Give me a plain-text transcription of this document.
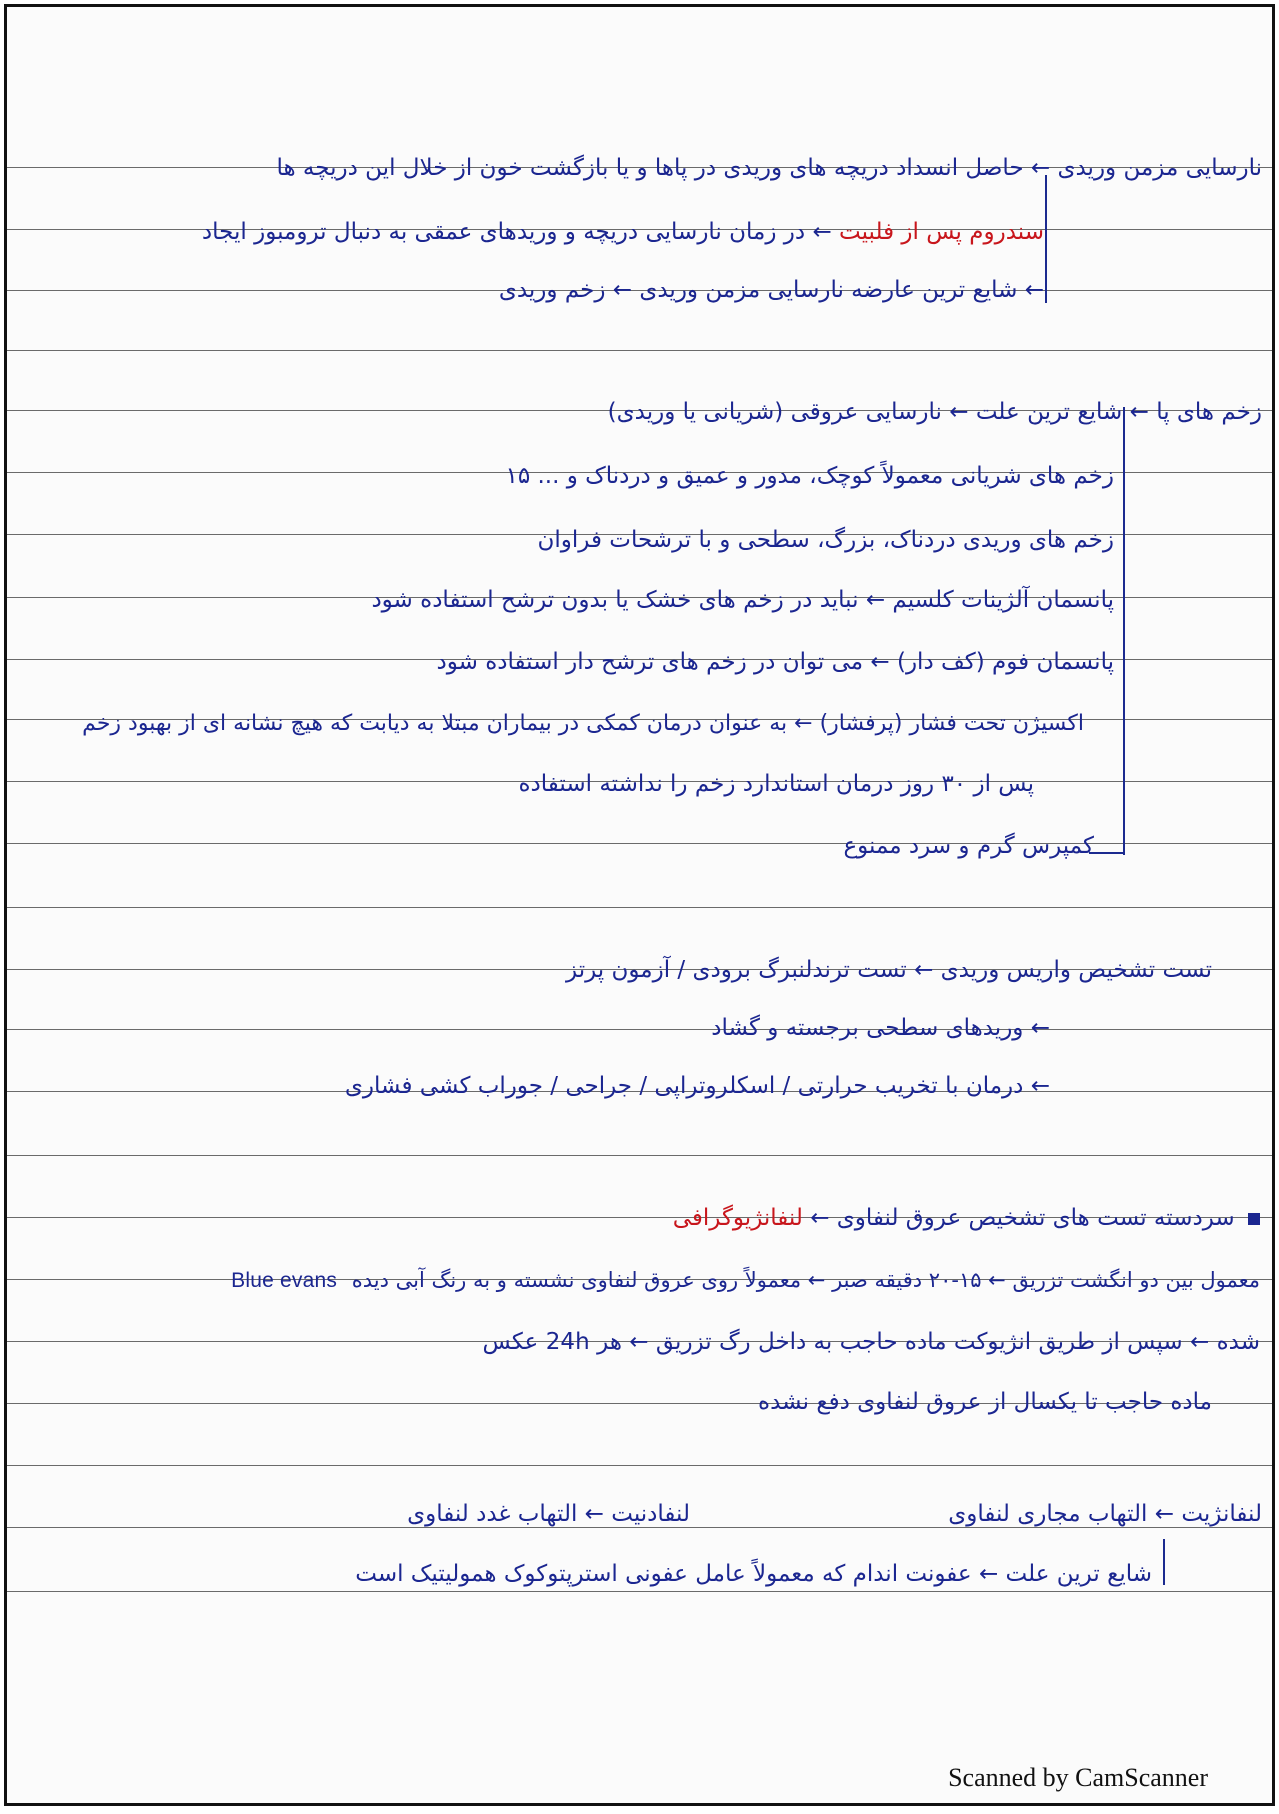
نارسایی مزمن وریدی ← حاصل انسداد دریچه های وریدی در پاها و یا بازگشت خون از خلال این دریچه ها
سندروم پس از فلبیت ← در زمان نارسایی دریچه و وریدهای عمقی به دنبال ترومبوز ایجاد
← شایع ترین عارضه نارسایی مزمن وریدی ← زخم وریدی
زخم های پا ← شایع ترین علت ← نارسایی عروقی (شریانی یا وریدی)
زخم های شریانی معمولاً کوچک، مدور و عمیق و دردناک و ... ۱۵
زخم های وریدی دردناک، بزرگ، سطحی و با ترشحات فراوان
پانسمان آلژینات کلسیم ← نباید در زخم های خشک یا بدون ترشح استفاده شود
پانسمان فوم (کف دار) ← می توان در زخم های ترشح دار استفاده شود
اکسیژن تحت فشار (پرفشار) ← به عنوان درمان کمکی در بیماران مبتلا به دیابت که هیچ نشانه ای از بهبود زخم
پس از ۳۰ روز درمان استاندارد زخم را نداشته استفاده
کمپرس گرم و سرد ممنوع
تست تشخیص واریس وریدی ← تست ترندلنبرگ برودی / آزمون پرتز
← وریدهای سطحی برجسته و گشاد
← درمان با تخریب حرارتی / اسکلروتراپی / جراحی / جوراب کشی فشاری
سردسته تست های تشخیص عروق لنفاوی ← لنفانژیوگرافی
معمول بین دو انگشت تزریق ← ۱۵-۲۰ دقیقه صبر ← معمولاً روی عروق لنفاوی نشسته و به رنگ آبی دیده Blue evans
شده ← سپس از طریق انژیوکت ماده حاجب به داخل رگ تزریق ← هر 24h عکس
ماده حاجب تا یکسال از عروق لنفاوی دفع نشده
لنفادنیت ← التهاب غدد لنفاوی	لنفانژیت ← التهاب مجاری لنفاوی
شایع ترین علت ← عفونت اندام که معمولاً عامل عفونی استرپتوکوک همولیتیک است
Scanned by CamScanner
